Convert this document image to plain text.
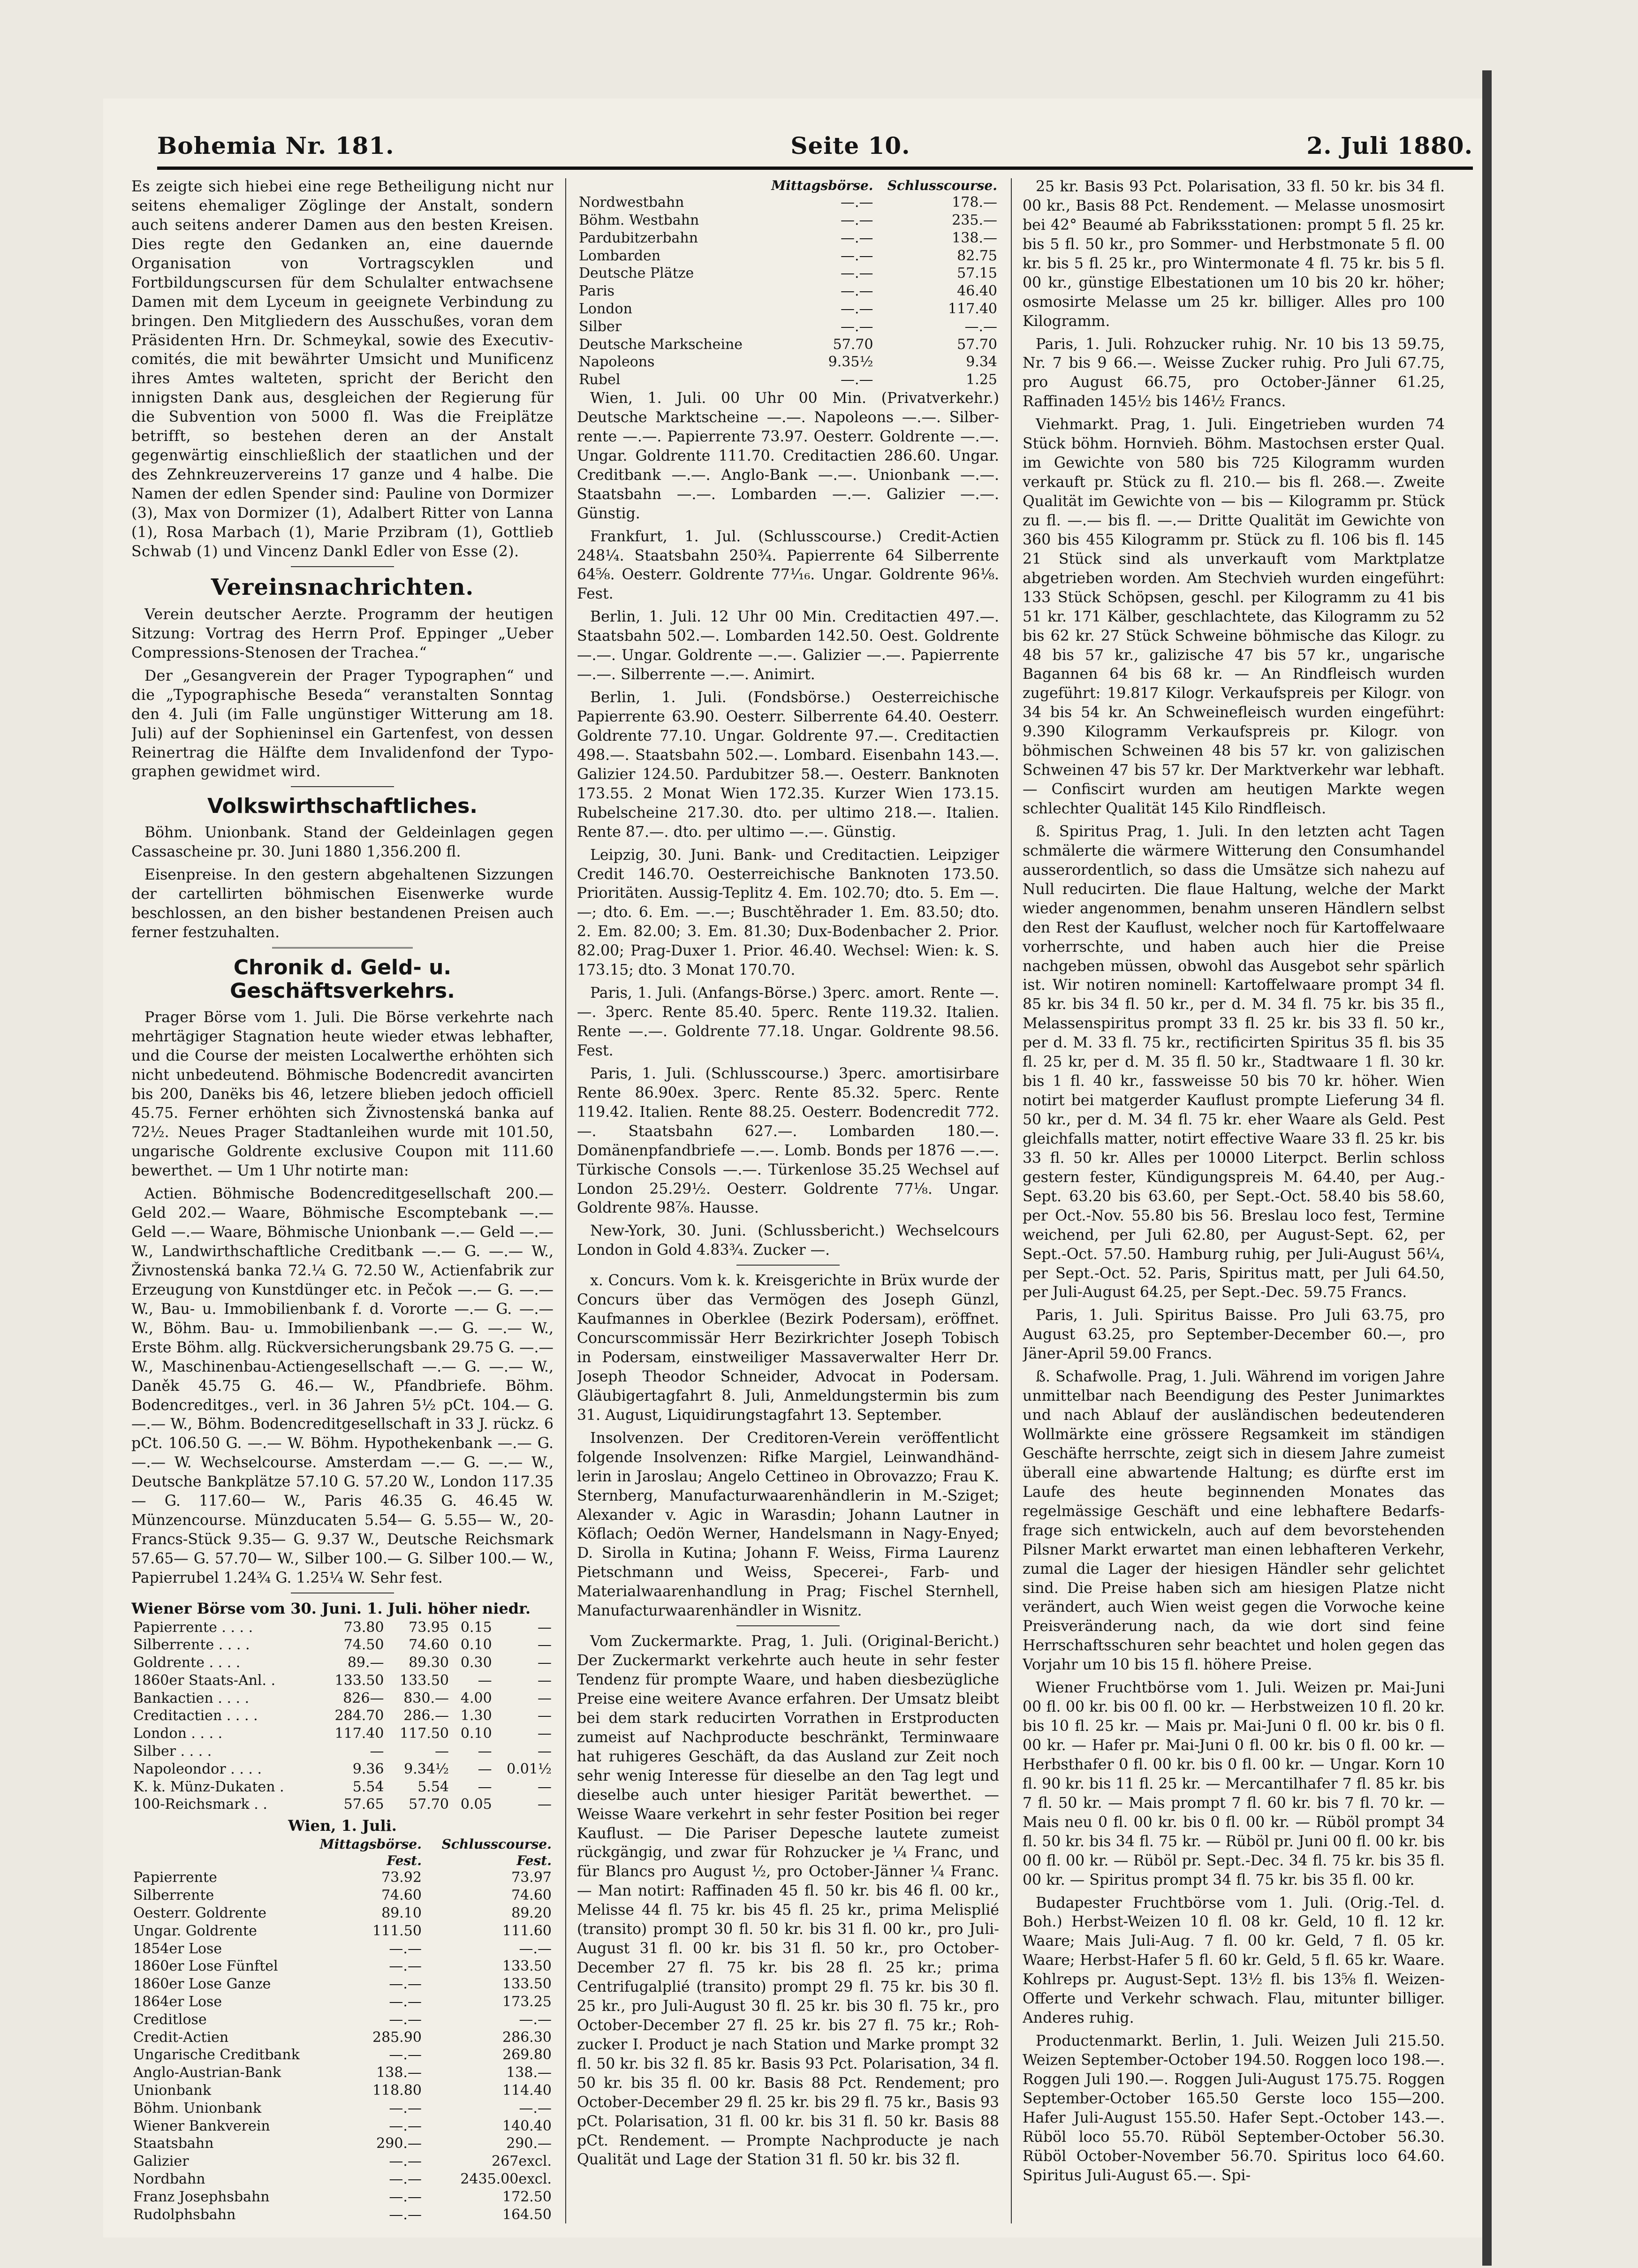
Bohemia Nr. 181.	Seite 10.	2. Juli 1880.

Es zeigte sich hiebei eine rege Betheiligung nicht nur seitens ehemaliger Zöglinge der Anstalt, sondern auch seitens anderer Damen aus den besten Kreisen. Dies regte den Gedanken an, eine dauernde Organisation von Vortragscyklen und Fortbildungscursen für dem Schulalter entwachsene Damen mit dem Lyceum in geeignete Verbindung zu bringen. Den Mitgliedern des Ausschußes, voran dem Präsidenten Hrn. Dr. Schmeykal, sowie des Executivcomités, die mit bewährter Umsicht und Munificenz ihres Amtes walteten, spricht der Bericht den innigsten Dank aus, desgleichen der Regierung für die Subvention von 5000 fl. Was die Freiplätze betrifft, so bestehen deren an der Anstalt gegenwärtig einschließlich der staatlichen und der des Zehnkreuzervereins 17 ganze und 4 halbe. Die Namen der edlen Spender sind: Pauline von Dormizer (3), Max von Dormizer (1), Adalbert Ritter von Lanna (1), Rosa Marbach (1), Marie Przibram (1), Gottlieb Schwab (1) und Vincenz Dankl Edler von Esse (2).

Vereinsnachrichten.

Verein deutscher Aerzte. Programm der heutigen Sitzung: Vortrag des Herrn Prof. Eppinger „Ueber Compressions-Stenosen der Trachea.“

Der „Gesangverein der Prager Typographen“ und die „Typographische Beseda“ veranstalten Sonntag den 4. Juli (im Falle ungünstiger Witterung am 18. Juli) auf der Sophieninsel ein Gartenfest, von dessen Reinertrag die Hälfte dem Invalidenfond der Typographen gewidmet wird.

Volkswirthschaftliches.

Böhm. Unionbank. Stand der Geldeinlagen gegen Cassascheine pr. 30. Juni 1880 1,356.200 fl.

Eisenpreise. In den gestern abgehaltenen Sizzungen der cartellirten böhmischen Eisenwerke wurde beschlossen, an den bisher bestandenen Preisen auch ferner festzuhalten.

Chronik d. Geld- u. Geschäftsverkehrs.

Prager Börse vom 1. Juli. Die Börse verkehrte nach mehrtägiger Stagnation heute wieder etwas lebhafter, und die Course der meisten Localwerthe erhöhten sich nicht unbedeutend. Böhmische Bodencredit avancirten bis 200, Danëks bis 46, letzere blieben jedoch officiell 45.75. Ferner erhöhten sich Živnostenská banka auf 72½. Neues Prager Stadtanleihen wurde mit 101.50, ungarische Goldrente exclusive Coupon mit 111.60 bewerthet. — Um 1 Uhr notirte man:

Actien. Böhmische Bodencreditgesellschaft 200.— Geld 202.— Waare, Böhmische Escomptebank —.— Geld —.— Waare, Böhmische Unionbank —.— Geld —.— W., Landwirthschaftliche Creditbank —.— G. —.— W., Živnostenská banka 72.¼ G. 72.50 W., Actienfabrik zur Erzeugung von Kunstdünger etc. in Pečok —.— G. —.— W., Bau- u. Immobilienbank f. d. Vororte —.— G. —.— W., Böhm. Bau- u. Immobilienbank —.— G. —.— W., Erste Böhm. allg. Rückversicherungsbank 29.75 G. —.— W., Maschinenbau-Actiengesellschaft —.— G. —.— W., Daněk 45.75 G. 46.— W., Pfandbriefe. Böhm. Bodencreditges., verl. in 36 Jahren 5½ pCt. 104.— G. —.— W., Böhm. Bodencreditgesellschaft in 33 J. rückz. 6 pCt. 106.50 G. —.— W. Böhm. Hypothekenbank —.— G. —.— W. Wechselcourse. Amsterdam —.— G. —.— W., Deutsche Bankplätze 57.10 G. 57.20 W., London 117.35— G. 117.60— W., Paris 46.35 G. 46.45 W. Münzencourse. Münzducaten 5.54— G. 5.55— W., 20-Francs-Stück 9.35— G. 9.37 W., Deutsche Reichsmark 57.65— G. 57.70— W., Silber 100.— G. Silber 100.— W., Papierrubel 1.24¾ G. 1.25¼ W. Sehr fest.

Wiener Börse vom 30. Juni. 1. Juli. höher niedr.
Papierrente . . . .	73.80	73.95	0.15	—
Silberrente . . . .	74.50	74.60	0.10	—
Goldrente . . . .	89.—	89.30	0.30	—
1860er Staats-Anl. .	133.50	133.50	—	—
Bankactien . . . .	826—	830.—	4.00	—
Creditactien . . . .	284.70	286.—	1.30	—
London . . . .	117.40	117.50	0.10	—
Silber . . . .	—	—	—	—
Napoleondor . . . .	9.36	9.34½	—	0.01½
K. k. Münz-Dukaten .	5.54	5.54	—	—
100-Reichsmark . .	57.65	57.70	0.05	—
Wien, 1. Juli.
	Mittagsbörse. Fest.	Schlusscourse. Fest.
Papierrente	73.92	73.97
Silberrente	74.60	74.60
Oesterr. Goldrente	89.10	89.20
Ungar. Goldrente	111.50	111.60
1854er Lose	—.—	—.—
1860er Lose Fünftel	—.—	133.50
1860er Lose Ganze	—.—	133.50
1864er Lose	—.—	173.25
Creditlose	—.—	—.—
Credit-Actien	285.90	286.30
Ungarische Creditbank	—.—	269.80
Anglo-Austrian-Bank	138.—	138.—
Unionbank	118.80	114.40
Böhm. Unionbank	—.—	—.—
Wiener Bankverein	—.—	140.40
Staatsbahn	290.—	290.—
Galizier	—.—	267excl.
Nordbahn	—.—	2435.00excl.
Franz Josephsbahn	—.—	172.50
Rudolphsbahn	—.—	164.50
	Mittagsbörse.	Schlusscourse.
Nordwestbahn	—.—	178.—
Böhm. Westbahn	—.—	235.—
Pardubitzerbahn	—.—	138.—
Lombarden	—.—	82.75
Deutsche Plätze	—.—	57.15
Paris	—.—	46.40
London	—.—	117.40
Silber	—.—	—.—
Deutsche Markscheine	57.70	57.70
Napoleons	9.35½	9.34
Rubel	—.—	1.25

Wien, 1. Juli. 00 Uhr 00 Min. (Privatverkehr.) Deutsche Marktscheine —.—. Napoleons —.—. Silberrente —.—. Papierrente 73.97. Oesterr. Goldrente —.—. Ungar. Goldrente 111.70. Creditactien 286.60. Ungar. Creditbank —.—. Anglo-Bank —.—. Unionbank —.—. Staatsbahn —.—. Lombarden —.—. Galizier —.—. Günstig.

Frankfurt, 1. Jul. (Schlusscourse.) Credit-Actien 248¼. Staatsbahn 250¾. Papierrente 64 Silberrente 64⅝. Oesterr. Goldrente 77⅟₁₆. Ungar. Goldrente 96⅛. Fest.

Berlin, 1. Juli. 12 Uhr 00 Min. Creditactien 497.—. Staatsbahn 502.—. Lombarden 142.50. Oest. Goldrente —.—. Ungar. Goldrente —.—. Galizier —.—. Papierrente —.—. Silberrente —.—. Animirt.

Berlin, 1. Juli. (Fondsbörse.) Oesterreichische Papierrente 63.90. Oesterr. Silberrente 64.40. Oesterr. Goldrente 77.10. Ungar. Goldrente 97.—. Creditactien 498.—. Staatsbahn 502.—. Lombard. Eisenbahn 143.—. Galizier 124.50. Pardubitzer 58.—. Oesterr. Banknoten 173.55. 2 Monat Wien 172.35. Kurzer Wien 173.15. Rubelscheine 217.30. dto. per ultimo 218.—. Italien. Rente 87.—. dto. per ultimo —.—. Günstig.

Leipzig, 30. Juni. Bank- und Creditactien. Leipziger Credit 146.70. Oesterreichische Banknoten 173.50. Prioritäten. Aussig-Teplitz 4. Em. 102.70; dto. 5. Em —.—; dto. 6. Em. —.—; Buschtěhrader 1. Em. 83.50; dto. 2. Em. 82.00; 3. Em. 81.30; Dux-Bodenbacher 2. Prior. 82.00; Prag-Duxer 1. Prior. 46.40. Wechsel: Wien: k. S. 173.15; dto. 3 Monat 170.70.

Paris, 1. Juli. (Anfangs-Börse.) 3perc. amort. Rente —.—. 3perc. Rente 85.40. 5perc. Rente 119.32. Italien. Rente —.—. Goldrente 77.18. Ungar. Goldrente 98.56. Fest.

Paris, 1. Juli. (Schlusscourse.) 3perc. amortisirbare Rente 86.90ex. 3perc. Rente 85.32. 5perc. Rente 119.42. Italien. Rente 88.25. Oesterr. Bodencredit 772.—. Staatsbahn 627.—. Lombarden 180.—. Domänenpfandbriefe —.—. Lomb. Bonds per 1876 —.—. Türkische Consols —.—. Türkenlose 35.25 Wechsel auf London 25.29½. Oesterr. Goldrente 77⅛. Ungar. Goldrente 98⅞. Hausse.

New-York, 30. Juni. (Schlussbericht.) Wechselcours London in Gold 4.83¾. Zucker —.

x. Concurs. Vom k. k. Kreisgerichte in Brüx wurde der Concurs über das Vermögen des Joseph Günzl, Kaufmannes in Oberklee (Bezirk Podersam), eröffnet. Concurscommissär Herr Bezirkrichter Joseph Tobisch in Podersam, einstweiliger Massaverwalter Herr Dr. Joseph Theodor Schneider, Advocat in Podersam. Gläubigertagfahrt 8. Juli, Anmeldungstermin bis zum 31. August, Liquidirungstagfahrt 13. September.

Insolvenzen. Der Creditoren-Verein veröffentlicht folgende Insolvenzen: Rifke Margiel, Leinwandhändlerin in Jaroslau; Angelo Cettineo in Obrovazzo; Frau K. Sternberg, Manufacturwaarenhändlerin in M.-Sziget; Alexander v. Agic in Warasdin; Johann Lautner in Köflach; Oedön Werner, Handelsmann in Nagy-Enyed; D. Sirolla in Kutina; Johann F. Weiss, Firma Laurenz Pietschmann und Weiss, Specerei-, Farb- und Materialwaarenhandlung in Prag; Fischel Sternhell, Manufacturwaarenhändler in Wisnitz.

Vom Zuckermarkte. Prag, 1. Juli. (Original-Bericht.) Der Zuckermarkt verkehrte auch heute in sehr fester Tendenz für prompte Waare, und haben diesbezügliche Preise eine weitere Avance erfahren. Der Umsatz bleibt bei dem stark reducirten Vorrathen in Erstproducten zumeist auf Nachproducte beschränkt, Terminwaare hat ruhigeres Geschäft, da das Ausland zur Zeit noch sehr wenig Interesse für dieselbe an den Tag legt und dieselbe auch unter hiesiger Parität bewerthet. — Weisse Waare verkehrt in sehr fester Position bei reger Kauflust. — Die Pariser Depesche lautete zumeist rückgängig, und zwar für Rohzucker je ¼ Franc, und für Blancs pro August ½, pro October-Jänner ¼ Franc. — Man notirt: Raffinaden 45 fl. 50 kr. bis 46 fl. 00 kr., Melisse 44 fl. 75 kr. bis 45 fl. 25 kr., prima Melisplié (transito) prompt 30 fl. 50 kr. bis 31 fl. 00 kr., pro Juli-August 31 fl. 00 kr. bis 31 fl. 50 kr., pro October-December 27 fl. 75 kr. bis 28 fl. 25 kr.; prima Centrifugalplié (transito) prompt 29 fl. 75 kr. bis 30 fl. 25 kr., pro Juli-August 30 fl. 25 kr. bis 30 fl. 75 kr., pro October-December 27 fl. 25 kr. bis 27 fl. 75 kr.; Rohzucker I. Product je nach Station und Marke prompt 32 fl. 50 kr. bis 32 fl. 85 kr. Basis 93 Pct. Polarisation, 34 fl. 50 kr. bis 35 fl. 00 kr. Basis 88 Pct. Rendement; pro October-December 29 fl. 25 kr. bis 29 fl. 75 kr., Basis 93 pCt. Polarisation, 31 fl. 00 kr. bis 31 fl. 50 kr. Basis 88 pCt. Rendement. — Prompte Nachproducte je nach Qualität und Lage der Station 31 fl. 50 kr. bis 32 fl.

25 kr. Basis 93 Pct. Polarisation, 33 fl. 50 kr. bis 34 fl. 00 kr., Basis 88 Pct. Rendement. — Melasse unosmosirt bei 42° Beaumé ab Fabriksstationen: prompt 5 fl. 25 kr. bis 5 fl. 50 kr., pro Sommer- und Herbstmonate 5 fl. 00 kr. bis 5 fl. 25 kr., pro Wintermonate 4 fl. 75 kr. bis 5 fl. 00 kr., günstige Elbestationen um 10 bis 20 kr. höher; osmosirte Melasse um 25 kr. billiger. Alles pro 100 Kilogramm.

Paris, 1. Juli. Rohzucker ruhig. Nr. 10 bis 13 59.75, Nr. 7 bis 9 66.—. Weisse Zucker ruhig. Pro Juli 67.75, pro August 66.75, pro October-Jänner 61.25, Raffinaden 145½ bis 146½ Francs.

Viehmarkt. Prag, 1. Juli. Eingetrieben wurden 74 Stück böhm. Hornvieh. Böhm. Mastochsen erster Qual. im Gewichte von 580 bis 725 Kilogramm wurden verkauft pr. Stück zu fl. 210.— bis fl. 268.—. Zweite Qualität im Gewichte von — bis — Kilogramm pr. Stück zu fl. —.— bis fl. —.— Dritte Qualität im Gewichte von 360 bis 455 Kilogramm pr. Stück zu fl. 106 bis fl. 145 21 Stück sind als unverkauft vom Marktplatze abgetrieben worden. Am Stechvieh wurden eingeführt: 133 Stück Schöpsen, geschl. per Kilogramm zu 41 bis 51 kr. 171 Kälber, geschlachtete, das Kilogramm zu 52 bis 62 kr. 27 Stück Schweine böhmische das Kilogr. zu 48 bis 57 kr., galizische 47 bis 57 kr., ungarische Bagannen 64 bis 68 kr. — An Rindfleisch wurden zugeführt: 19.817 Kilogr. Verkaufspreis per Kilogr. von 34 bis 54 kr. An Schweinefleisch wurden eingeführt: 9.390 Kilogramm Verkaufspreis pr. Kilogr. von böhmischen Schweinen 48 bis 57 kr. von galizischen Schweinen 47 bis 57 kr. Der Marktverkehr war lebhaft. — Confiscirt wurden am heutigen Markte wegen schlechter Qualität 145 Kilo Rindfleisch.

ß. Spiritus Prag, 1. Juli. In den letzten acht Tagen schmälerte die wärmere Witterung den Consumhandel ausserordentlich, so dass die Umsätze sich nahezu auf Null reducirten. Die flaue Haltung, welche der Markt wieder angenommen, benahm unseren Händlern selbst den Rest der Kauflust, welcher noch für Kartoffelwaare vorherrschte, und haben auch hier die Preise nachgeben müssen, obwohl das Ausgebot sehr spärlich ist. Wir notiren nominell: Kartoffelwaare prompt 34 fl. 85 kr. bis 34 fl. 50 kr., per d. M. 34 fl. 75 kr. bis 35 fl., Melassenspiritus prompt 33 fl. 25 kr. bis 33 fl. 50 kr., per d. M. 33 fl. 75 kr., rectificirten Spiritus 35 fl. bis 35 fl. 25 kr, per d. M. 35 fl. 50 kr., Stadtwaare 1 fl. 30 kr. bis 1 fl. 40 kr., fassweisse 50 bis 70 kr. höher. Wien notirt bei matgerder Kauflust prompte Lieferung 34 fl. 50 kr., per d. M. 34 fl. 75 kr. eher Waare als Geld. Pest gleichfalls matter, notirt effective Waare 33 fl. 25 kr. bis 33 fl. 50 kr. Alles per 10000 Literpct. Berlin schloss gestern fester, Kündigungspreis M. 64.40, per Aug.-Sept. 63.20 bis 63.60, per Sept.-Oct. 58.40 bis 58.60, per Oct.-Nov. 55.80 bis 56. Breslau loco fest, Termine weichend, per Juli 62.80, per August-Sept. 62, per Sept.-Oct. 57.50. Hamburg ruhig, per Juli-August 56¼, per Sept.-Oct. 52. Paris, Spiritus matt, per Juli 64.50, per Juli-August 64.25, per Sept.-Dec. 59.75 Francs.

Paris, 1. Juli. Spiritus Baisse. Pro Juli 63.75, pro August 63.25, pro September-December 60.—, pro Jäner-April 59.00 Francs.

ß. Schafwolle. Prag, 1. Juli. Während im vorigen Jahre unmittelbar nach Beendigung des Pester Junimarktes und nach Ablauf der ausländischen bedeutenderen Wollmärkte eine grössere Regsamkeit im ständigen Geschäfte herrschte, zeigt sich in diesem Jahre zumeist überall eine abwartende Haltung; es dürfte erst im Laufe des heute beginnenden Monates das regelmässige Geschäft und eine lebhaftere Bedarfsfrage sich entwickeln, auch auf dem bevorstehenden Pilsner Markt erwartet man einen lebhafteren Verkehr, zumal die Lager der hiesigen Händler sehr gelichtet sind. Die Preise haben sich am hiesigen Platze nicht verändert, auch Wien weist gegen die Vorwoche keine Preisveränderung nach, da wie dort sind feine Herrschaftsschuren sehr beachtet und holen gegen das Vorjahr um 10 bis 15 fl. höhere Preise.

Wiener Fruchtbörse vom 1. Juli. Weizen pr. Mai-Juni 00 fl. 00 kr. bis 00 fl. 00 kr. — Herbstweizen 10 fl. 20 kr. bis 10 fl. 25 kr. — Mais pr. Mai-Juni 0 fl. 00 kr. bis 0 fl. 00 kr. — Hafer pr. Mai-Juni 0 fl. 00 kr. bis 0 fl. 00 kr. — Herbsthafer 0 fl. 00 kr. bis 0 fl. 00 kr. — Ungar. Korn 10 fl. 90 kr. bis 11 fl. 25 kr. — Mercantilhafer 7 fl. 85 kr. bis 7 fl. 50 kr. — Mais prompt 7 fl. 60 kr. bis 7 fl. 70 kr. — Mais neu 0 fl. 00 kr. bis 0 fl. 00 kr. — Rüböl prompt 34 fl. 50 kr. bis 34 fl. 75 kr. — Rüböl pr. Juni 00 fl. 00 kr. bis 00 fl. 00 kr. — Rüböl pr. Sept.-Dec. 34 fl. 75 kr. bis 35 fl. 00 kr. — Spiritus prompt 34 fl. 75 kr. bis 35 fl. 00 kr.

Budapester Fruchtbörse vom 1. Juli. (Orig.-Tel. d. Boh.) Herbst-Weizen 10 fl. 08 kr. Geld, 10 fl. 12 kr. Waare; Mais Juli-Aug. 7 fl. 00 kr. Geld, 7 fl. 05 kr. Waare; Herbst-Hafer 5 fl. 60 kr. Geld, 5 fl. 65 kr. Waare. Kohlreps pr. August-Sept. 13½ fl. bis 13⅝ fl. Weizen-Offerte und Verkehr schwach. Flau, mitunter billiger. Anderes ruhig.

Productenmarkt. Berlin, 1. Juli. Weizen Juli 215.50. Weizen September-October 194.50. Roggen loco 198.—. Roggen Juli 190.—. Roggen Juli-August 175.75. Roggen September-October 165.50 Gerste loco 155—200. Hafer Juli-August 155.50. Hafer Sept.-October 143.—. Rüböl loco 55.70. Rüböl September-October 56.30. Rüböl October-November 56.70. Spiritus loco 64.60. Spiritus Juli-August 65.—. Spi-
